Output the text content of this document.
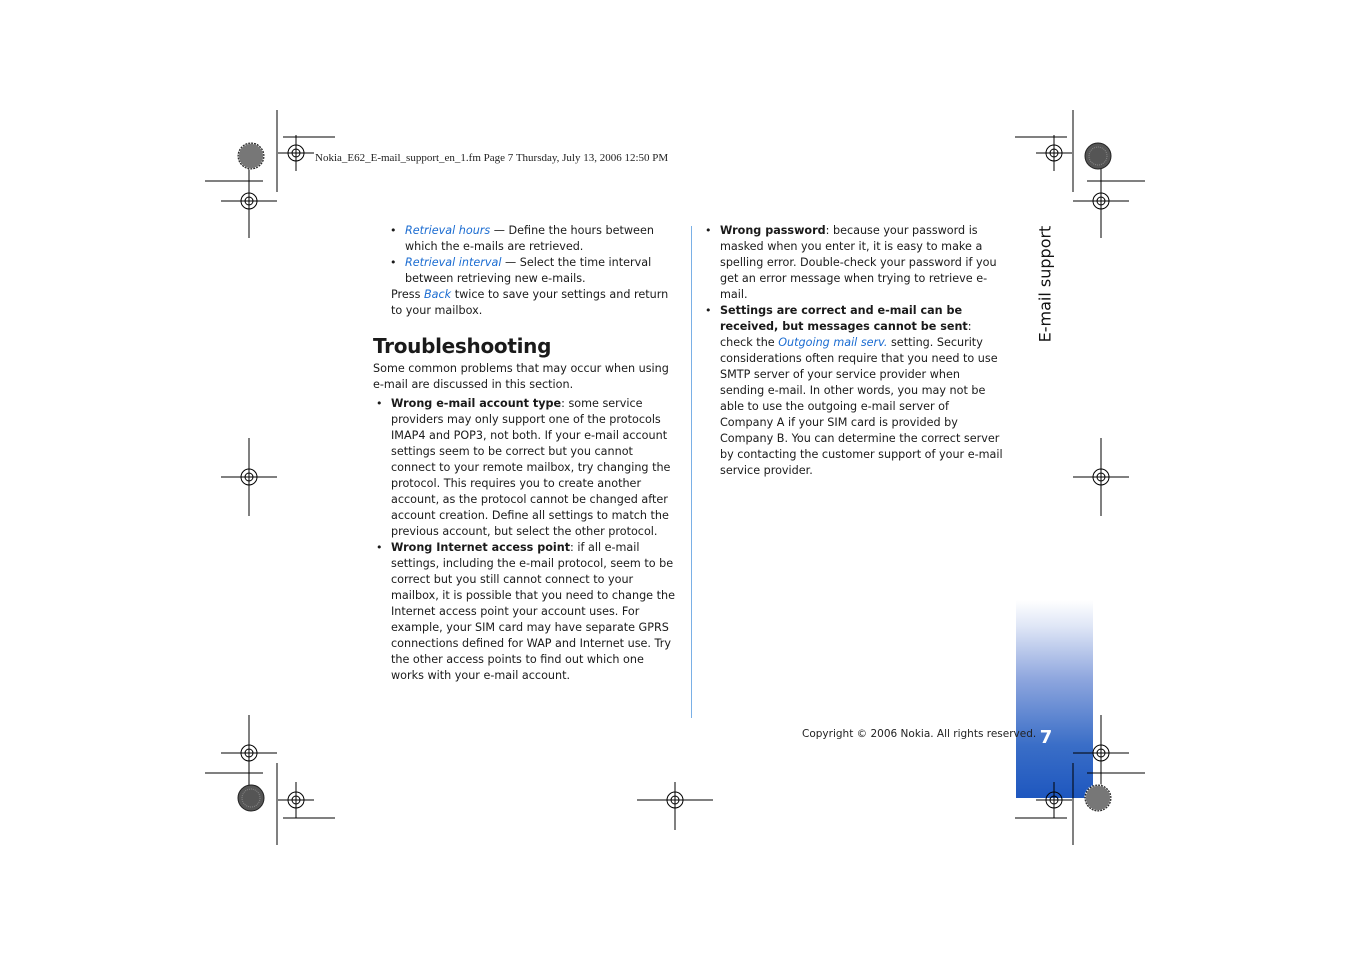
E-mail support
7
Nokia_E62_E-mail_support_en_1.fm Page 7 Thursday, July 13, 2006 12:50 PM
• Retrieval hours — Define the hours between which the e-mails are retrieved.
• Retrieval interval — Select the time interval between retrieving new e-mails.

Press Back twice to save your settings and return to your mailbox.

Troubleshooting

Some common problems that may occur when using e-mail are discussed in this section.

• Wrong e-mail account type: some service providers may only support one of the protocols IMAP4 and POP3, not both. If your e-mail account settings seem to be correct but you cannot connect to your remote mailbox, try changing the protocol. This requires you to create another account, as the protocol cannot be changed after account creation. Define all settings to match the previous account, but select the other protocol.
• Wrong Internet access point: if all e-mail settings, including the e-mail protocol, seem to be correct but you still cannot connect to your mailbox, it is possible that you need to change the Internet access point your account uses. For example, your SIM card may have separate GPRS connections defined for WAP and Internet use. Try the other access points to find out which one works with your e-mail account.
• Wrong password: because your password is masked when you enter it, it is easy to make a spelling error. Double-check your password if you get an error message when trying to retrieve e-mail.
• Settings are correct and e-mail can be received, but messages cannot be sent: check the Outgoing mail serv. setting. Security considerations often require that you need to use SMTP server of your service provider when sending e-mail. In other words, you may not be able to use the outgoing e-mail server of Company A if your SIM card is provided by Company B. You can determine the correct server by contacting the customer support of your e-mail service provider.
Copyright © 2006 Nokia. All rights reserved.
